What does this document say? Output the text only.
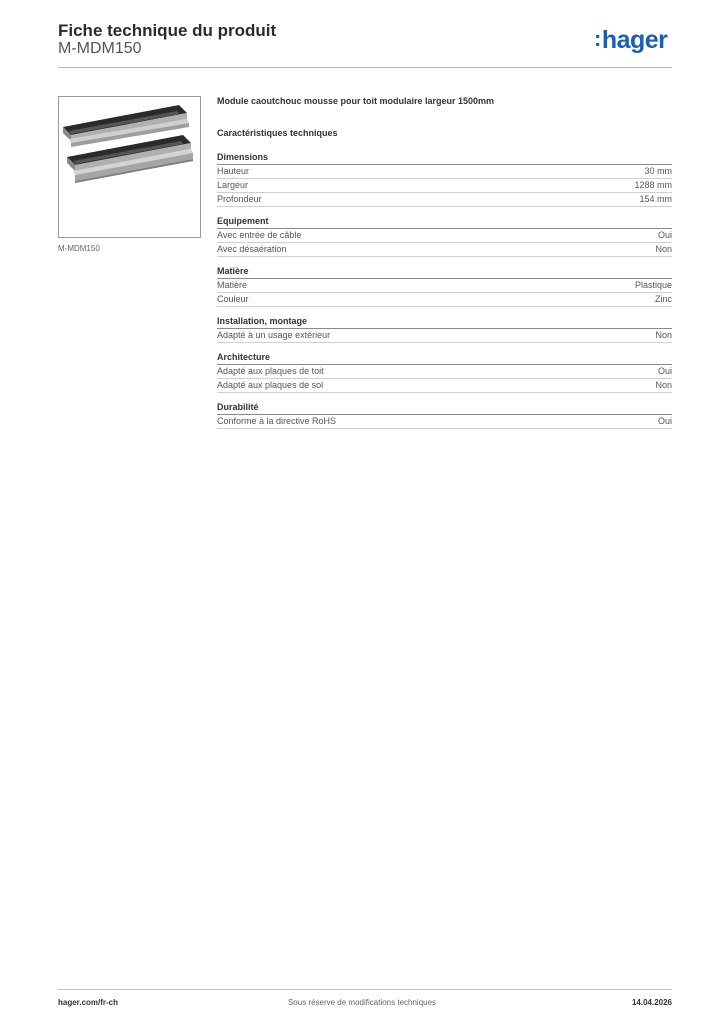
Fiche technique du produit
M-MDM150	:hager
M-MDM150
Module caoutchouc mousse pour toit modulaire largeur 1500mm
Caractéristiques techniques
Dimensions
Hauteur	30 mm
Largeur	1288 mm
Profondeur	154 mm
Equipement
Avec entrée de câble	Oui
Avec désaération	Non
Matière
Matière	Plastique
Couleur	Zinc
Installation, montage
Adapté à un usage extérieur	Non
Architecture
Adapté aux plaques de toit	Oui
Adapté aux plaques de sol	Non
Durabilité
Conforme à la directive RoHS	Oui
hager.com/fr-ch	Sous réserve de modifications techniques	14.04.2026
